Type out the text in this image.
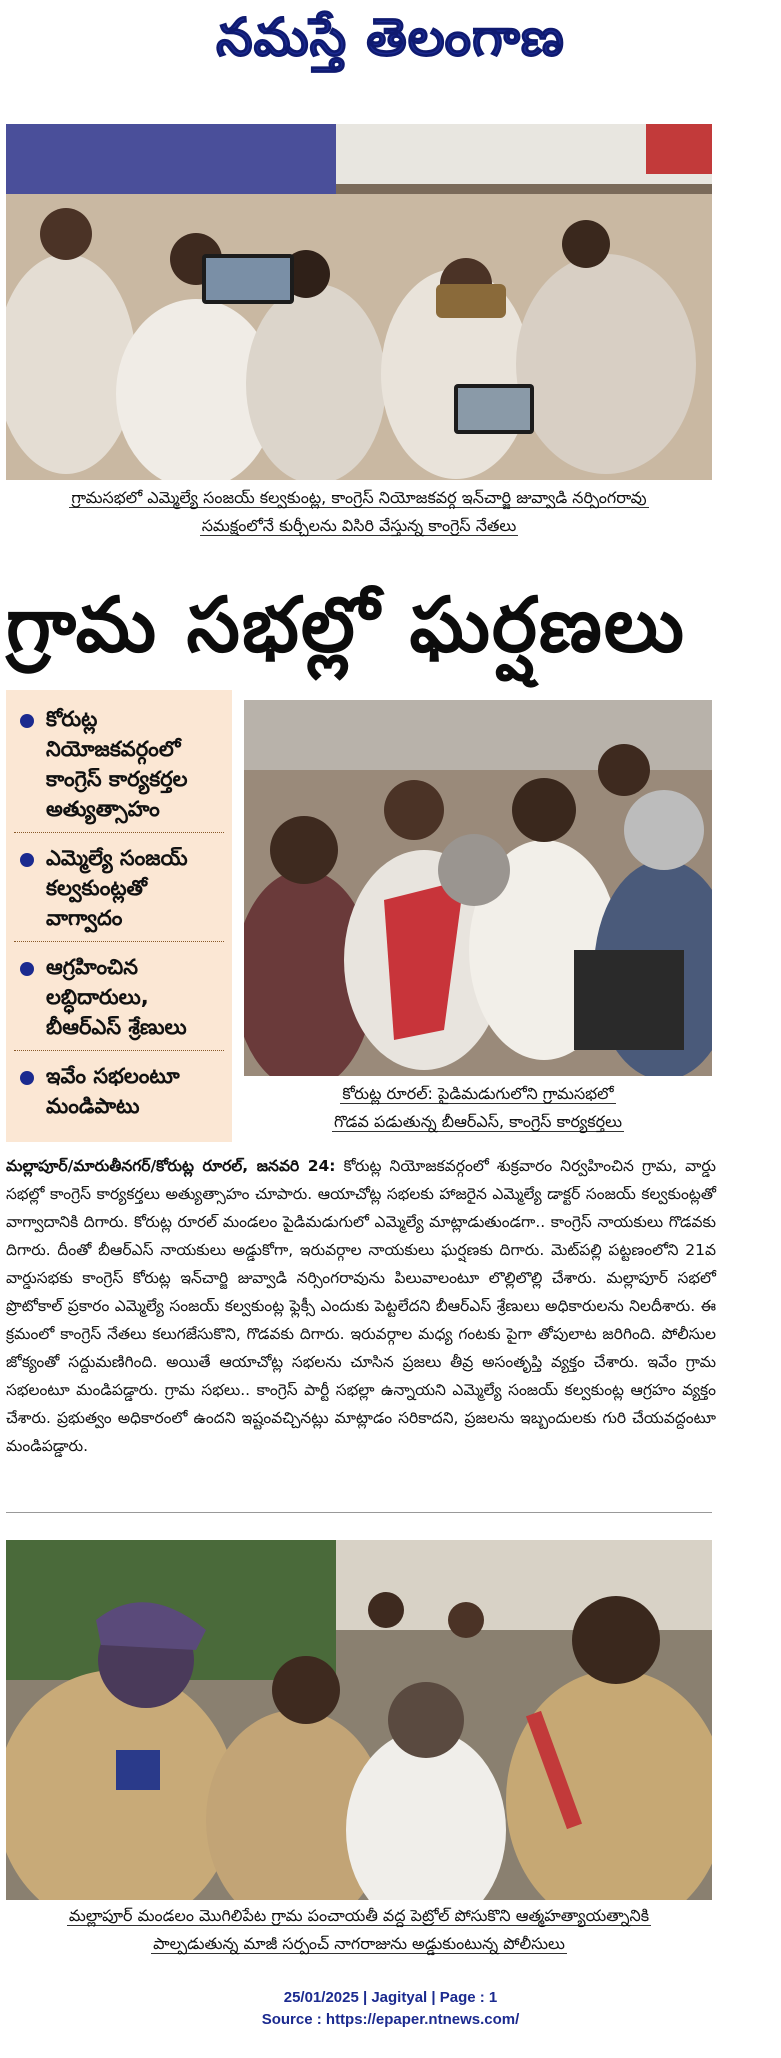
నమస్తే తెలంగాణ
గ్రామసభలో ఎమ్మెల్యే సంజయ్ కల్వకుంట్ల, కాంగ్రెస్ నియోజకవర్గ ఇన్‌చార్జి జువ్వాడి నర్సింగరావు
సమక్షంలోనే కుర్చీలను విసిరి వేస్తున్న కాంగ్రెస్ నేతలు
గ్రామ సభల్లో ఘర్షణలు
కోరుట్ల నియోజకవర్గంలో కాంగ్రెస్ కార్యకర్తల అత్యుత్సాహం
ఎమ్మెల్యే సంజయ్ కల్వకుంట్లతో వాగ్వాదం
ఆగ్రహించిన లబ్ధిదారులు, బీఆర్‌ఎస్ శ్రేణులు
ఇవేం సభలంటూ మండిపాటు
కోరుట్ల రూరల్: పైడిమడుగులోని గ్రామసభలో
గొడవ పడుతున్న బీఆర్‌ఎస్, కాంగ్రెస్ కార్యకర్తలు
మల్లాపూర్/మారుతీనగర్/కోరుట్ల రూరల్, జనవరి 24: కోరుట్ల నియోజకవర్గంలో శుక్రవారం నిర్వహించిన గ్రామ, వార్డు సభల్లో కాంగ్రెస్ కార్యకర్తలు అత్యుత్సాహం చూపారు. ఆయాచోట్ల సభలకు హాజరైన ఎమ్మెల్యే డాక్టర్ సంజయ్ కల్వకుంట్లతో వాగ్వాదానికి దిగారు. కోరుట్ల రూరల్ మండలం పైడిమడుగులో ఎమ్మెల్యే మాట్లాడుతుండగా.. కాంగ్రెస్ నాయకులు గొడవకు దిగారు. దీంతో బీఆర్‌ఎస్ నాయకులు అడ్డుకోగా, ఇరువర్గాల నాయకులు ఘర్షణకు దిగారు. మెట్‌పల్లి పట్టణంలోని 21వ వార్డుసభకు కాంగ్రెస్ కోరుట్ల ఇన్‌చార్జి జువ్వాడి నర్సింగరావును పిలువాలంటూ లొల్లిలొల్లి చేశారు. మల్లాపూర్ సభలో ప్రొటోకాల్ ప్రకారం ఎమ్మెల్యే సంజయ్ కల్వకుంట్ల ఫ్లెక్సీ ఎందుకు పెట్టలేదని బీఆర్‌ఎస్ శ్రేణులు అధికారులను నిలదీశారు. ఈ క్రమంలో కాంగ్రెస్ నేతలు కలుగజేసుకొని, గొడవకు దిగారు. ఇరువర్గాల మధ్య గంటకు పైగా తోపులాట జరిగింది. పోలీసుల జోక్యంతో సద్దుమణిగింది. అయితే ఆయాచోట్ల సభలను చూసిన ప్రజలు తీవ్ర అసంతృప్తి వ్యక్తం చేశారు. ఇవేం గ్రామ సభలంటూ మండిపడ్డారు. గ్రామ సభలు.. కాంగ్రెస్ పార్టీ సభల్లా ఉన్నాయని ఎమ్మెల్యే సంజయ్ కల్వకుంట్ల ఆగ్రహం వ్యక్తం చేశారు. ప్రభుత్వం అధికారంలో ఉందని ఇష్టంవచ్చినట్లు మాట్లాడం సరికాదని, ప్రజలను ఇబ్బందులకు గురి చేయవద్దంటూ మండిపడ్డారు.
మల్లాపూర్ మండలం మొగిలిపేట గ్రామ పంచాయతీ వద్ద పెట్రోల్ పోసుకొని ఆత్మహత్యాయత్నానికి
పాల్పడుతున్న మాజీ సర్పంచ్ నాగరాజును అడ్డుకుంటున్న పోలీసులు
25/01/2025 | Jagityal | Page : 1
Source : https://epaper.ntnews.com/
